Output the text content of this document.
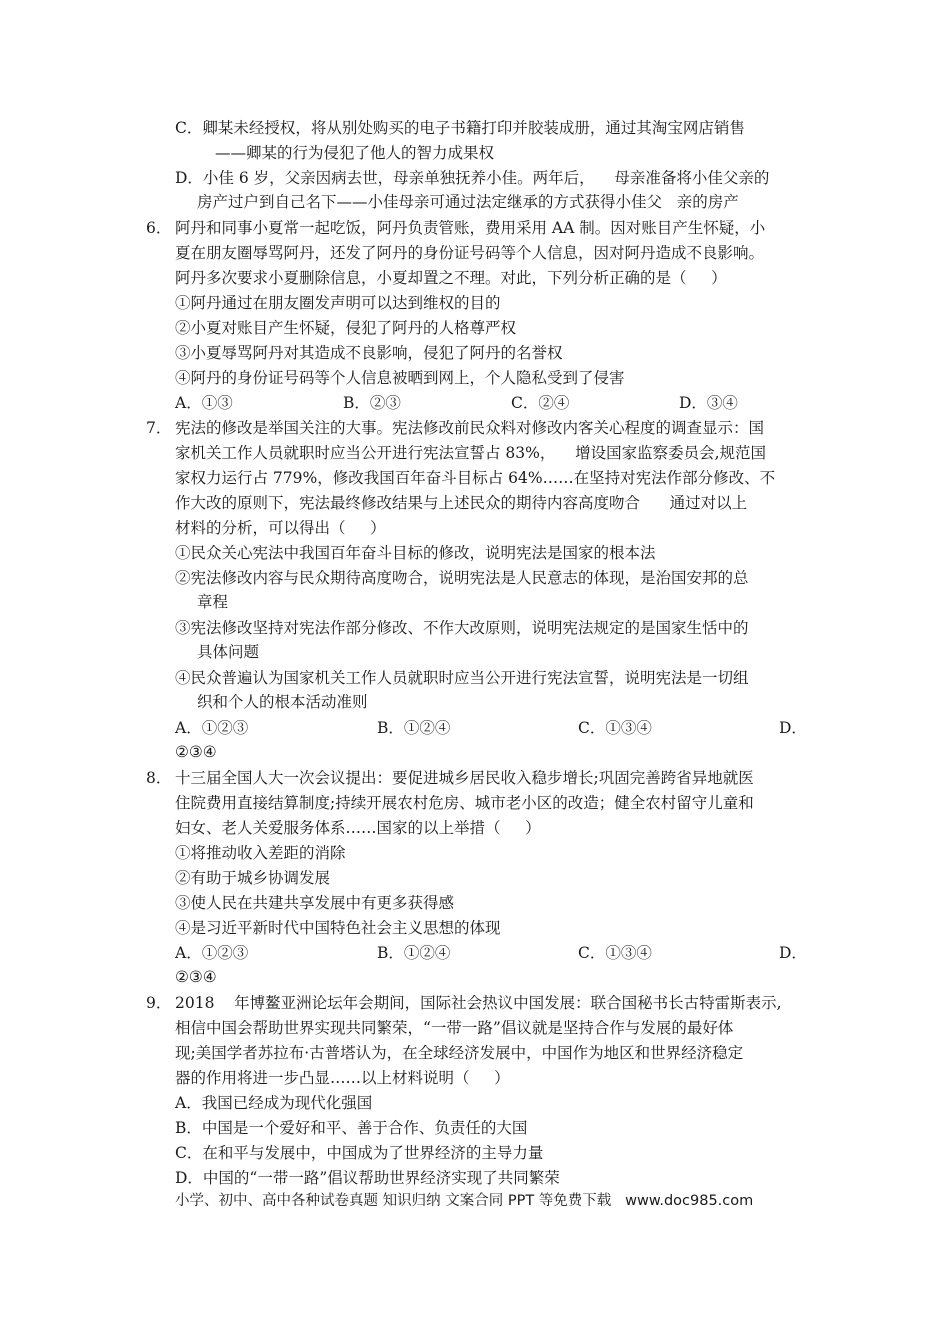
C．卿某未经授权，将从别处购买的电子书籍打印并胶装成册，通过其淘宝网店销售
——卿某的行为侵犯了他人的智力成果权
D．小佳 6 岁，父亲因病去世，母亲单独抚养小佳。两年后，    母亲准备将小佳父亲的
房产过户到自己名下——小佳母亲可通过法定继承的方式获得小佳父   亲的房产
6． 阿丹和同事小夏常一起吃饭，阿丹负责管账，费用采用 AA 制。因对账目产生怀疑，小
夏在朋友圈辱骂阿丹，还发了阿丹的身份证号码等个人信息，因对阿丹造成不良影响。
阿丹多次要求小夏删除信息，小夏却置之不理。对此，下列分析正确的是（     ）
①阿丹通过在朋友圈发声明可以达到维权的目的
②小夏对账目产生怀疑，侵犯了阿丹的人格尊严权
③小夏辱骂阿丹对其造成不良影响，侵犯了阿丹的名誉权
④阿丹的身份证号码等个人信息被晒到网上，个人隐私受到了侵害
A．①③	B．②③	C．②④	D．③④
7． 宪法的修改是举国关注的大事。宪法修改前民众料对修改内客关心程度的调查显示：国
家机关工作人员就职时应当公开进行宪法宣誓占 83%，    增设国家监察委员会,规范国
家权力运行占 779%，修改我国百年奋斗目标占 64%……在坚持对宪法作部分修改、不
作大改的原则下，宪法最终修改结果与上述民众的期待内容高度吻合      通过对以上
材料的分析，可以得出（     ）
①民众关心宪法中我国百年奋斗目标的修改，说明宪法是国家的根本法
②宪法修改内容与民众期待高度吻合，说明宪法是人民意志的体现，是治国安邦的总
章程
③宪法修改坚持对宪法作部分修改、不作大改原则，说明宪法规定的是国家生恬中的
具体问题
④民众普遍认为国家机关工作人员就职时应当公开进行宪法宣誓，说明宪法是一切组
织和个人的根本活动准则
A．①②③	B．①②④	C．①③④	D．
②③④
8． 十三届全国人大一次会议提出：要促进城乡居民收入稳步增长;巩固完善跨省异地就医
住院费用直接结算制度;持续开展农村危房、城市老小区的改造；健全农村留守儿童和
妇女、老人关爱服务体系……国家的以上举措（     ）
①将推动收入差距的消除
②有助于城乡协调发展
③使人民在共建共享发展中有更多获得感
④是习近平新时代中国特色社会主义思想的体现
A．①②③	B．①②④	C．①③④	D．
②③④
9． 2018    年博鳌亚洲论坛年会期间，国际社会热议中国发展：联合国秘书长古特雷斯表示,
相信中国会帮助世界实现共同繁荣，“一带一路”倡议就是坚持合作与发展的最好体
现;美国学者苏拉布·古普塔认为，在全球经济发展中，中国作为地区和世界经济稳定
器的作用将进一步凸显……以上材料说明（     ）
A．我国已经成为现代化强国
B．中国是一个爱好和平、善于合作、负责任的大国
C．在和平与发展中，中国成为了世界经济的主导力量
D．中国的“一带一路”倡议帮助世界经济实现了共同繁荣
小学、初中、高中各种试卷真题 知识归纳 文案合同 PPT 等免费下载   www.doc985.com
